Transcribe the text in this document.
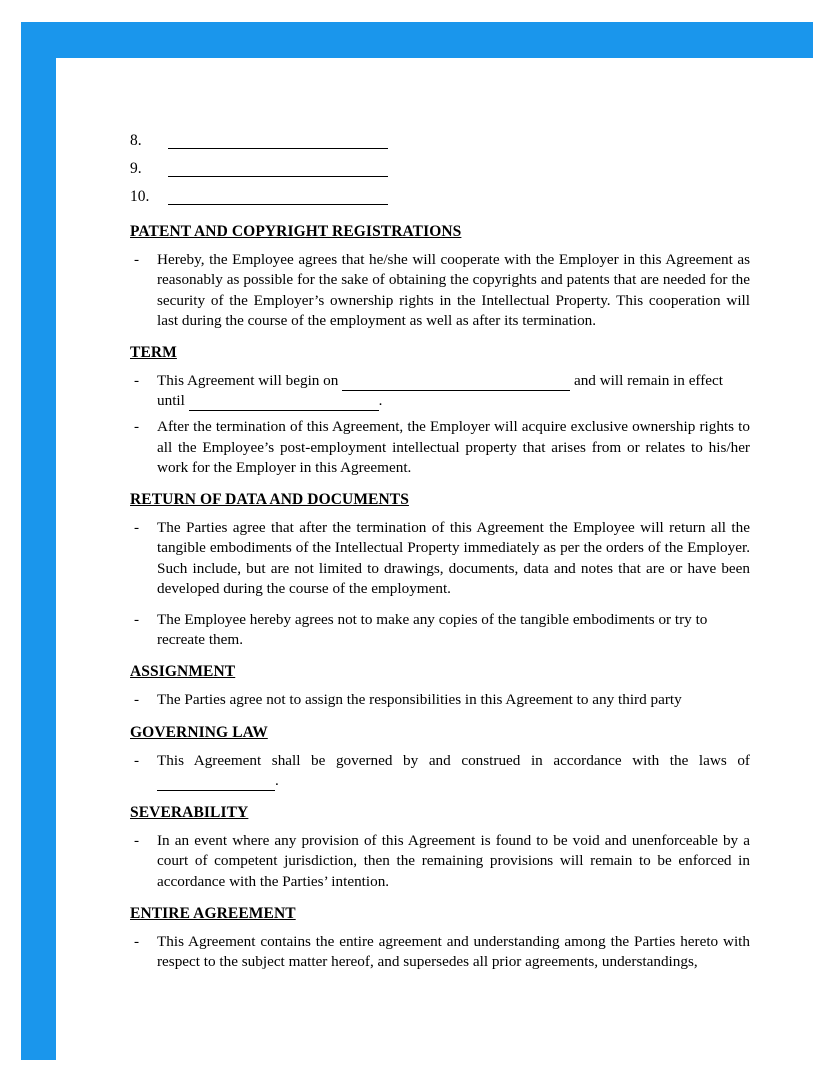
8.
9.
10.
PATENT AND COPYRIGHT REGISTRATIONS
-	Hereby, the Employee agrees that he/she will cooperate with the Employer in this Agreement as reasonably as possible for the sake of obtaining the copyrights and patents that are needed for the security of the Employer’s ownership rights in the Intellectual Property. This cooperation will last during the course of the employment as well as after its termination.
TERM
-	This Agreement will begin on	and will remain in effect until	.
-	After the termination of this Agreement, the Employer will acquire exclusive ownership rights to all the Employee’s post-employment intellectual property that arises from or relates to his/her work for the Employer in this Agreement.
RETURN OF DATA AND DOCUMENTS
-	The Parties agree that after the termination of this Agreement the Employee will return all the tangible embodiments of the Intellectual Property immediately as per the orders of the Employer. Such include, but are not limited to drawings, documents, data and notes that are or have been developed during the course of the employment.
-	The Employee hereby agrees not to make any copies of the tangible embodiments or try to recreate them.
ASSIGNMENT
-	The Parties agree not to assign the responsibilities in this Agreement to any third party
GOVERNING LAW
-	This Agreement shall be governed by and construed in accordance with the laws of .
SEVERABILITY
-	In an event where any provision of this Agreement is found to be void and unenforceable by a court of competent jurisdiction, then the remaining provisions will remain to be enforced in accordance with the Parties’ intention.
ENTIRE AGREEMENT
-	This Agreement contains the entire agreement and understanding among the Parties hereto with respect to the subject matter hereof, and supersedes all prior agreements, understandings,
